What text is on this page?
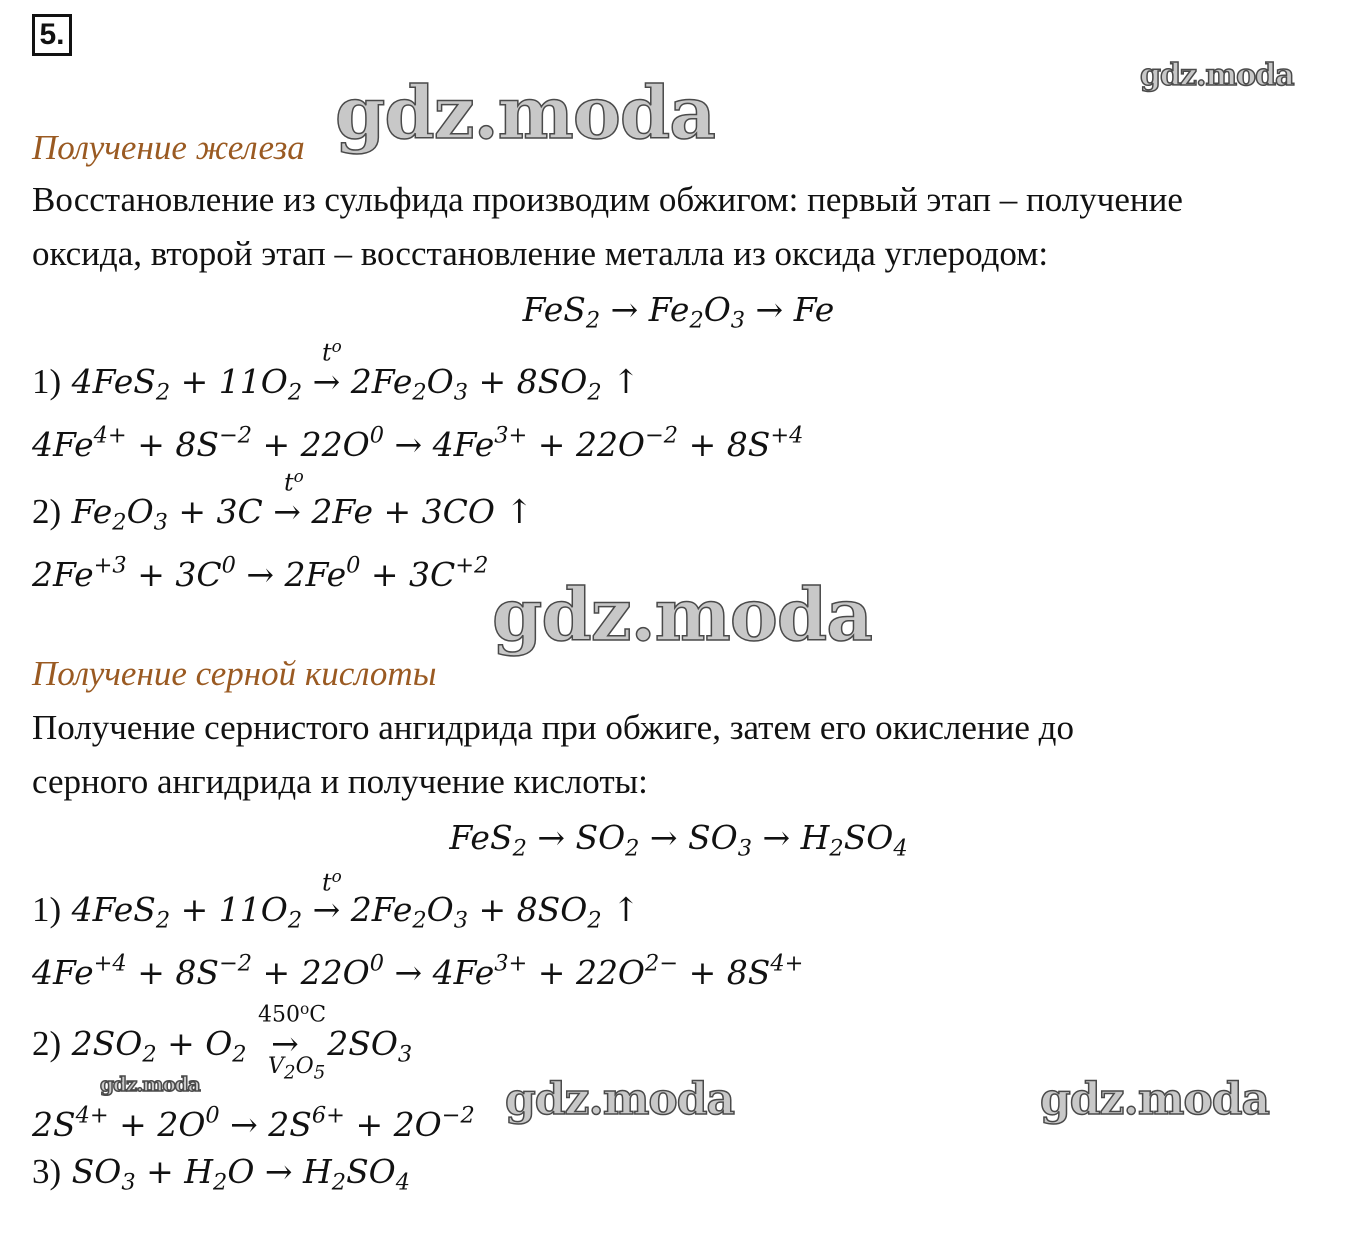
5.
gdz.moda
gdz.moda
gdz.moda
gdz.moda	gdz.moda	gdz.moda
Получение железа
Восстановление из сульфида производим обжигом: первый этап – получение
оксида, второй этап – восстановление металла из оксида углеродом:
$FeS_2 \to Fe_2O_3 \to Fe$
$t^o$
1) $4FeS_2 + 11O_2 \to 2Fe_2O_3 + 8SO_2$ ↑
$4Fe^{4+} + 8S^{-2} + 22O^0 \to 4Fe^{3+} + 22O^{-2} + 8S^{+4}$
$t^o$
2) $Fe_2O_3 + 3C \to 2Fe + 3CO$ ↑
$2Fe^{+3} + 3C^0 \to 2Fe^0 + 3C^{+2}$
Получение серной кислоты
Получение сернистого ангидрида при обжиге, затем его окисление до
серного ангидрида и получение кислоты:
$FeS_2 \to SO_2 \to SO_3 \to H_2SO_4$
$t^o$
1) $4FeS_2 + 11O_2 \to 2Fe_2O_3 + 8SO_2$ ↑
$4Fe^{+4} + 8S^{-2} + 22O^0 \to 4Fe^{3+} + 22O^{2-} + 8S^{4+}$
450$^o$C
2) $2SO_2 + O_2 \to 2SO_3$
$V_2O_5$
$2S^{4+} + 2O^0 \to 2S^{6+} + 2O^{-2}$
3) $SO_3 + H_2O \to H_2SO_4$
